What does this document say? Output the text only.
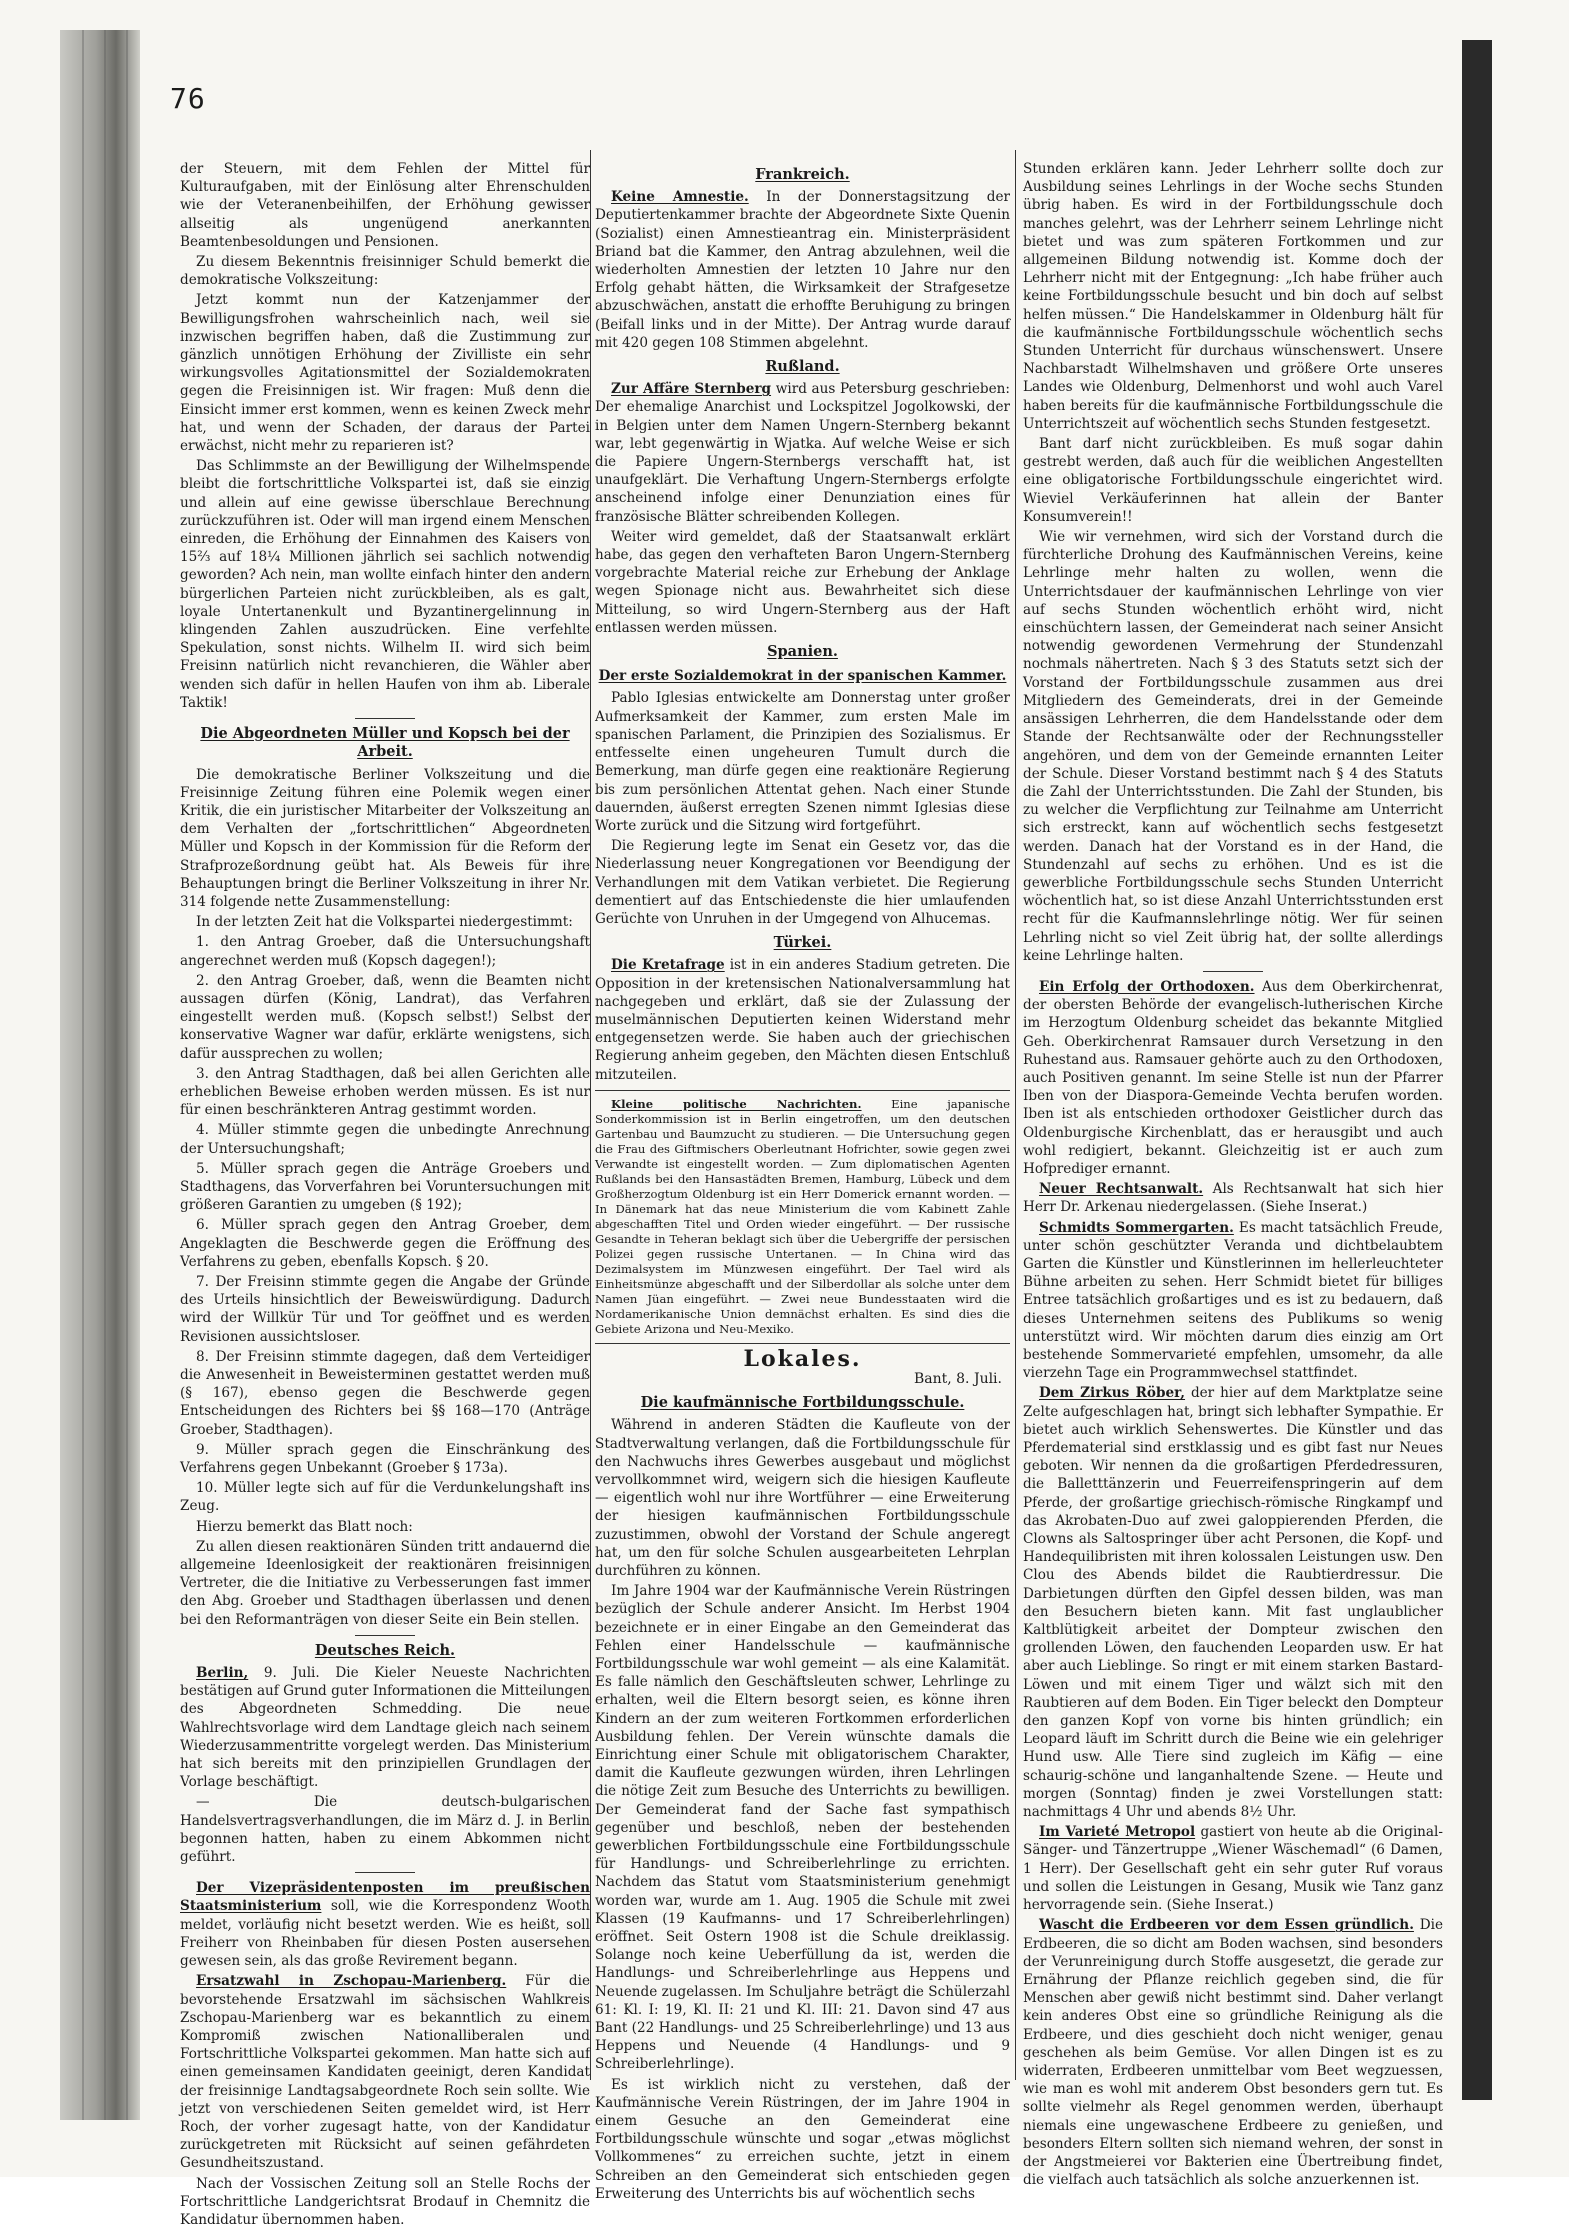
76

der Steuern, mit dem Fehlen der Mittel für Kulturaufgaben, mit der Einlösung alter Ehrenschulden wie der Veteranenbeihilfen, der Erhöhung gewisser allseitig als ungenügend anerkannten Beamtenbesoldungen und Pensionen.

Zu diesem Bekenntnis freisinniger Schuld bemerkt die demokratische Volkszeitung:

Jetzt kommt nun der Katzenjammer der Bewilligungsfrohen wahrscheinlich nach, weil sie inzwischen begriffen haben, daß die Zustimmung zur gänzlich unnötigen Erhöhung der Zivilliste ein sehr wirkungsvolles Agitationsmittel der Sozialdemokraten gegen die Freisinnigen ist. Wir fragen: Muß denn die Einsicht immer erst kommen, wenn es keinen Zweck mehr hat, und wenn der Schaden, der daraus der Partei erwächst, nicht mehr zu reparieren ist?

Das Schlimmste an der Bewilligung der Wilhelmspende bleibt die fortschrittliche Volkspartei ist, daß sie einzig und allein auf eine gewisse überschlaue Berechnung zurückzuführen ist. Oder will man irgend einem Menschen einreden, die Erhöhung der Einnahmen des Kaisers von 15⅔ auf 18¼ Millionen jährlich sei sachlich notwendig geworden? Ach nein, man wollte einfach hinter den andern bürgerlichen Parteien nicht zurückbleiben, als es galt, loyale Untertanenkult und Byzantinergelinnung in klingenden Zahlen auszudrücken. Eine verfehlte Spekulation, sonst nichts. Wilhelm II. wird sich beim Freisinn natürlich nicht revanchieren, die Wähler aber wenden sich dafür in hellen Haufen von ihm ab. Liberale Taktik!

Die Abgeordneten Müller und Kopsch bei der Arbeit.

Die demokratische Berliner Volkszeitung und die Freisinnige Zeitung führen eine Polemik wegen einer Kritik, die ein juristischer Mitarbeiter der Volkszeitung an dem Verhalten der „fortschrittlichen“ Abgeordneten Müller und Kopsch in der Kommission für die Reform der Strafprozeßordnung geübt hat. Als Beweis für ihre Behauptungen bringt die Berliner Volkszeitung in ihrer Nr. 314 folgende nette Zusammenstellung:

In der letzten Zeit hat die Volkspartei niedergestimmt:

1. den Antrag Groeber, daß die Untersuchungshaft angerechnet werden muß (Kopsch dagegen!);

2. den Antrag Groeber, daß, wenn die Beamten nicht aussagen dürfen (König, Landrat), das Verfahren eingestellt werden muß. (Kopsch selbst!) Selbst der konservative Wagner war dafür, erklärte wenigstens, sich dafür aussprechen zu wollen;

3. den Antrag Stadthagen, daß bei allen Gerichten alle erheblichen Beweise erhoben werden müssen. Es ist nur für einen beschränkteren Antrag gestimmt worden.

4. Müller stimmte gegen die unbedingte Anrechnung der Untersuchungshaft;

5. Müller sprach gegen die Anträge Groebers und Stadthagens, das Vorverfahren bei Voruntersuchungen mit größeren Garantien zu umgeben (§ 192);

6. Müller sprach gegen den Antrag Groeber, dem Angeklagten die Beschwerde gegen die Eröffnung des Verfahrens zu geben, ebenfalls Kopsch. § 20.

7. Der Freisinn stimmte gegen die Angabe der Gründe des Urteils hinsichtlich der Beweiswürdigung. Dadurch wird der Willkür Tür und Tor geöffnet und es werden Revisionen aussichtsloser.

8. Der Freisinn stimmte dagegen, daß dem Verteidiger die Anwesenheit in Beweisterminen gestattet werden muß (§ 167), ebenso gegen die Beschwerde gegen Entscheidungen des Richters bei §§ 168—170 (Anträge Groeber, Stadthagen).

9. Müller sprach gegen die Einschränkung des Verfahrens gegen Unbekannt (Groeber § 173a).

10. Müller legte sich auf für die Verdunkelungshaft ins Zeug.

Hierzu bemerkt das Blatt noch:

Zu allen diesen reaktionären Sünden tritt andauernd die allgemeine Ideenlosigkeit der reaktionären freisinnigen Vertreter, die die Initiative zu Verbesserungen fast immer den Abg. Groeber und Stadthagen überlassen und denen bei den Reformanträgen von dieser Seite ein Bein stellen.

Deutsches Reich.

Berlin, 9. Juli. Die Kieler Neueste Nachrichten bestätigen auf Grund guter Informationen die Mitteilungen des Abgeordneten Schmedding. Die neue Wahlrechtsvorlage wird dem Landtage gleich nach seinem Wiederzusammentritte vorgelegt werden. Das Ministerium hat sich bereits mit den prinzipiellen Grundlagen der Vorlage beschäftigt.

— Die deutsch-bulgarischen Handelsvertragsverhandlungen, die im März d. J. in Berlin begonnen hatten, haben zu einem Abkommen nicht geführt.

Der Vizepräsidentenposten im preußischen Staatsministerium soll, wie die Korrespondenz Wooth meldet, vorläufig nicht besetzt werden. Wie es heißt, soll Freiherr von Rheinbaben für diesen Posten ausersehen gewesen sein, als das große Revirement begann.

Ersatzwahl in Zschopau-Marienberg. Für die bevorstehende Ersatzwahl im sächsischen Wahlkreis Zschopau-Marienberg war es bekanntlich zu einem Kompromiß zwischen Nationalliberalen und Fortschrittliche Volkspartei gekommen. Man hatte sich auf einen gemeinsamen Kandidaten geeinigt, deren Kandidat der freisinnige Landtagsabgeordnete Roch sein sollte. Wie jetzt von verschiedenen Seiten gemeldet wird, ist Herr Roch, der vorher zugesagt hatte, von der Kandidatur zurückgetreten mit Rücksicht auf seinen gefährdeten Gesundheitszustand.

Nach der Vossischen Zeitung soll an Stelle Rochs der Fortschrittliche Landgerichtsrat Brodauf in Chemnitz die Kandidatur übernommen haben.

Frankreich.

Keine Amnestie. In der Donnerstagsitzung der Deputiertenkammer brachte der Abgeordnete Sixte Quenin (Sozialist) einen Amnestieantrag ein. Ministerpräsident Briand bat die Kammer, den Antrag abzulehnen, weil die wiederholten Amnestien der letzten 10 Jahre nur den Erfolg gehabt hätten, die Wirksamkeit der Strafgesetze abzuschwächen, anstatt die erhoffte Beruhigung zu bringen (Beifall links und in der Mitte). Der Antrag wurde darauf mit 420 gegen 108 Stimmen abgelehnt.

Rußland.

Zur Affäre Sternberg wird aus Petersburg geschrieben: Der ehemalige Anarchist und Lockspitzel Jogolkowski, der in Belgien unter dem Namen Ungern-Sternberg bekannt war, lebt gegenwärtig in Wjatka. Auf welche Weise er sich die Papiere Ungern-Sternbergs verschafft hat, ist unaufgeklärt. Die Verhaftung Ungern-Sternbergs erfolgte anscheinend infolge einer Denunziation eines für französische Blätter schreibenden Kollegen.

Weiter wird gemeldet, daß der Staatsanwalt erklärt habe, das gegen den verhafteten Baron Ungern-Sternberg vorgebrachte Material reiche zur Erhebung der Anklage wegen Spionage nicht aus. Bewahrheitet sich diese Mitteilung, so wird Ungern-Sternberg aus der Haft entlassen werden müssen.

Spanien.
Der erste Sozialdemokrat in der spanischen Kammer.

Pablo Iglesias entwickelte am Donnerstag unter großer Aufmerksamkeit der Kammer, zum ersten Male im spanischen Parlament, die Prinzipien des Sozialismus. Er entfesselte einen ungeheuren Tumult durch die Bemerkung, man dürfe gegen eine reaktionäre Regierung bis zum persönlichen Attentat gehen. Nach einer Stunde dauernden, äußerst erregten Szenen nimmt Iglesias diese Worte zurück und die Sitzung wird fortgeführt.

Die Regierung legte im Senat ein Gesetz vor, das die Niederlassung neuer Kongregationen vor Beendigung der Verhandlungen mit dem Vatikan verbietet. Die Regierung dementiert auf das Entschiedenste die hier umlaufenden Gerüchte von Unruhen in der Umgegend von Alhucemas.

Türkei.

Die Kretafrage ist in ein anderes Stadium getreten. Die Opposition in der kretensischen Nationalversammlung hat nachgegeben und erklärt, daß sie der Zulassung der muselmännischen Deputierten keinen Widerstand mehr entgegensetzen werde. Sie haben auch der griechischen Regierung anheim gegeben, den Mächten diesen Entschluß mitzuteilen.

Kleine politische Nachrichten.	Eine japanische Sonderkommission ist in Berlin eingetroffen, um den deutschen Gartenbau und Baumzucht zu studieren. — Die Untersuchung gegen die Frau des Giftmischers Oberleutnant Hofrichter, sowie gegen zwei Verwandte ist eingestellt worden. — Zum diplomatischen Agenten Rußlands bei den Hansastädten Bremen, Hamburg, Lübeck und dem Großherzogtum Oldenburg ist ein Herr Domerick ernannt worden. — In Dänemark hat das neue Ministerium die vom Kabinett Zahle abgeschafften Titel und Orden wieder eingeführt. — Der russische Gesandte in Teheran beklagt sich über die Uebergriffe der persischen Polizei gegen russische Untertanen. — In China wird das Dezimalsystem im Münzwesen eingeführt. Der Tael wird als Einheitsmünze abgeschafft und der Silberdollar als solche unter dem Namen Jüan eingeführt. — Zwei neue Bundesstaaten wird die Nordamerikanische Union demnächst erhalten. Es sind dies die Gebiete Arizona und Neu-Mexiko.

Lokales.
Bant, 8. Juli.
Die kaufmännische Fortbildungsschule.

Während in anderen Städten die Kaufleute von der Stadtverwaltung verlangen, daß die Fortbildungsschule für den Nachwuchs ihres Gewerbes ausgebaut und möglichst vervollkommnet wird, weigern sich die hiesigen Kaufleute — eigentlich wohl nur ihre Wortführer — eine Erweiterung der hiesigen kaufmännischen Fortbildungsschule zuzustimmen, obwohl der Vorstand der Schule angeregt hat, um den für solche Schulen ausgearbeiteten Lehrplan durchführen zu können.

Im Jahre 1904 war der Kaufmännische Verein Rüstringen bezüglich der Schule anderer Ansicht. Im Herbst 1904 bezeichnete er in einer Eingabe an den Gemeinderat das Fehlen einer Handelsschule — kaufmännische Fortbildungsschule war wohl gemeint — als eine Kalamität. Es falle nämlich den Geschäftsleuten schwer, Lehrlinge zu erhalten, weil die Eltern besorgt seien, es könne ihren Kindern an der zum weiteren Fortkommen erforderlichen Ausbildung fehlen. Der Verein wünschte damals die Einrichtung einer Schule mit obligatorischem Charakter, damit die Kaufleute gezwungen würden, ihren Lehrlingen die nötige Zeit zum Besuche des Unterrichts zu bewilligen. Der Gemeinderat fand der Sache fast sympathisch gegenüber und beschloß, neben der bestehenden gewerblichen Fortbildungsschule eine Fortbildungsschule für Handlungs- und Schreiberlehrlinge zu errichten. Nachdem das Statut vom Staatsministerium genehmigt worden war, wurde am 1. Aug. 1905 die Schule mit zwei Klassen (19 Kaufmanns- und 17 Schreiberlehrlingen) eröffnet. Seit Ostern 1908 ist die Schule dreiklassig. Solange noch keine Ueberfüllung da ist, werden die Handlungs- und Schreiberlehrlinge aus Heppens und Neuende zugelassen. Im Schuljahre beträgt die Schülerzahl 61: Kl. I: 19, Kl. II: 21 und Kl. III: 21. Davon sind 47 aus Bant (22 Handlungs- und 25 Schreiberlehrlinge) und 13 aus Heppens und Neuende (4 Handlungs- und 9 Schreiberlehrlinge).

Es ist wirklich nicht zu verstehen, daß der Kaufmännische Verein Rüstringen, der im Jahre 1904 in einem Gesuche an den Gemeinderat eine Fortbildungsschule wünschte und sogar „etwas möglichst Vollkommenes“ zu erreichen suchte, jetzt in einem Schreiben an den Gemeinderat sich entschieden gegen Erweiterung des Unterrichts bis auf wöchentlich sechs

Stunden erklären kann. Jeder Lehrherr sollte doch zur Ausbildung seines Lehrlings in der Woche sechs Stunden übrig haben. Es wird in der Fortbildungsschule doch manches gelehrt, was der Lehrherr seinem Lehrlinge nicht bietet und was zum späteren Fortkommen und zur allgemeinen Bildung notwendig ist. Komme doch der Lehrherr nicht mit der Entgegnung: „Ich habe früher auch keine Fortbildungsschule besucht und bin doch auf selbst helfen müssen.“ Die Handelskammer in Oldenburg hält für die kaufmännische Fortbildungsschule wöchentlich sechs Stunden Unterricht für durchaus wünschenswert. Unsere Nachbarstadt Wilhelmshaven und größere Orte unseres Landes wie Oldenburg, Delmenhorst und wohl auch Varel haben bereits für die kaufmännische Fortbildungsschule die Unterrichtszeit auf wöchentlich sechs Stunden festgesetzt.

Bant darf nicht zurückbleiben. Es muß sogar dahin gestrebt werden, daß auch für die weiblichen Angestellten eine obligatorische Fortbildungsschule eingerichtet wird. Wieviel Verkäuferinnen hat allein der Banter Konsumverein!!

Wie wir vernehmen, wird sich der Vorstand durch die fürchterliche Drohung des Kaufmännischen Vereins, keine Lehrlinge mehr halten zu wollen, wenn die Unterrichtsdauer der kaufmännischen Lehrlinge von vier auf sechs Stunden wöchentlich erhöht wird, nicht einschüchtern lassen, der Gemeinderat nach seiner Ansicht notwendig gewordenen Vermehrung der Stundenzahl nochmals nähertreten. Nach § 3 des Statuts setzt sich der Vorstand der Fortbildungsschule zusammen aus drei Mitgliedern des Gemeinderats, drei in der Gemeinde ansässigen Lehrherren, die dem Handelsstande oder dem Stande der Rechtsanwälte oder der Rechnungssteller angehören, und dem von der Gemeinde ernannten Leiter der Schule. Dieser Vorstand bestimmt nach § 4 des Statuts die Zahl der Unterrichtsstunden. Die Zahl der Stunden, bis zu welcher die Verpflichtung zur Teilnahme am Unterricht sich erstreckt, kann auf wöchentlich sechs festgesetzt werden. Danach hat der Vorstand es in der Hand, die Stundenzahl auf sechs zu erhöhen. Und es ist die gewerbliche Fortbildungsschule sechs Stunden Unterricht wöchentlich hat, so ist diese Anzahl Unterrichtsstunden erst recht für die Kaufmannslehrlinge nötig. Wer für seinen Lehrling nicht so viel Zeit übrig hat, der sollte allerdings keine Lehrlinge halten.

Ein Erfolg der Orthodoxen. Aus dem Oberkirchenrat, der obersten Behörde der evangelisch-lutherischen Kirche im Herzogtum Oldenburg scheidet das bekannte Mitglied Geh. Oberkirchenrat Ramsauer durch Versetzung in den Ruhestand aus. Ramsauer gehörte auch zu den Orthodoxen, auch Positiven genannt. Im seine Stelle ist nun der Pfarrer Iben von der Diaspora-Gemeinde Vechta berufen worden. Iben ist als entschieden orthodoxer Geistlicher durch das Oldenburgische Kirchenblatt, das er herausgibt und auch wohl redigiert, bekannt. Gleichzeitig ist er auch zum Hofprediger ernannt.

Neuer Rechtsanwalt. Als Rechtsanwalt hat sich hier Herr Dr. Arkenau niedergelassen. (Siehe Inserat.)

Schmidts Sommergarten. Es macht tatsächlich Freude, unter schön geschützter Veranda und dichtbelaubtem Garten die Künstler und Künstlerinnen im hellerleuchteter Bühne arbeiten zu sehen. Herr Schmidt bietet für billiges Entree tatsächlich großartiges und es ist zu bedauern, daß dieses Unternehmen seitens des Publikums so wenig unterstützt wird. Wir möchten darum dies einzig am Ort bestehende Sommervarieté empfehlen, umsomehr, da alle vierzehn Tage ein Programmwechsel stattfindet.

Dem Zirkus Röber, der hier auf dem Marktplatze seine Zelte aufgeschlagen hat, bringt sich lebhafter Sympathie. Er bietet auch wirklich Sehenswertes. Die Künstler und das Pferdematerial sind erstklassig und es gibt fast nur Neues geboten. Wir nennen da die großartigen Pferdedressuren, die Balletttänzerin und Feuerreifenspringerin auf dem Pferde, der großartige griechisch-römische Ringkampf und das Akrobaten-Duo auf zwei galoppierenden Pferden, die Clowns als Saltospringer über acht Personen, die Kopf- und Handequilibristen mit ihren kolossalen Leistungen usw. Den Clou des Abends bildet die Raubtierdressur. Die Darbietungen dürften den Gipfel dessen bilden, was man den Besuchern bieten kann. Mit fast unglaublicher Kaltblütigkeit arbeitet der Dompteur zwischen den grollenden Löwen, den fauchenden Leoparden usw. Er hat aber auch Lieblinge. So ringt er mit einem starken Bastard-Löwen und mit einem Tiger und wälzt sich mit den Raubtieren auf dem Boden. Ein Tiger beleckt den Dompteur den ganzen Kopf von vorne bis hinten gründlich; ein Leopard läuft im Schritt durch die Beine wie ein gelehriger Hund usw. Alle Tiere sind zugleich im Käfig — eine schaurig-schöne und langanhaltende Szene. — Heute und morgen (Sonntag) finden je zwei Vorstellungen statt: nachmittags 4 Uhr und abends 8½ Uhr.

Im Varieté Metropol gastiert von heute ab die Original-Sänger- und Tänzertruppe „Wiener Wäschemadl“ (6 Damen, 1 Herr). Der Gesellschaft geht ein sehr guter Ruf voraus und sollen die Leistungen in Gesang, Musik wie Tanz ganz hervorragende sein. (Siehe Inserat.)

Wascht die Erdbeeren vor dem Essen gründlich. Die Erdbeeren, die so dicht am Boden wachsen, sind besonders der Verunreinigung durch Stoffe ausgesetzt, die gerade zur Ernährung der Pflanze reichlich gegeben sind, die für Menschen aber gewiß nicht bestimmt sind. Daher verlangt kein anderes Obst eine so gründliche Reinigung als die Erdbeere, und dies geschieht doch nicht weniger, genau geschehen als beim Gemüse. Vor allen Dingen ist es zu widerraten, Erdbeeren unmittelbar vom Beet wegzuessen, wie man es wohl mit anderem Obst besonders gern tut. Es sollte vielmehr als Regel genommen werden, überhaupt niemals eine ungewaschene Erdbeere zu genießen, und besonders Eltern sollten sich niemand wehren, der sonst in der Angstmeierei vor Bakterien eine Übertreibung findet, die vielfach auch tatsächlich als solche anzuerkennen ist.
